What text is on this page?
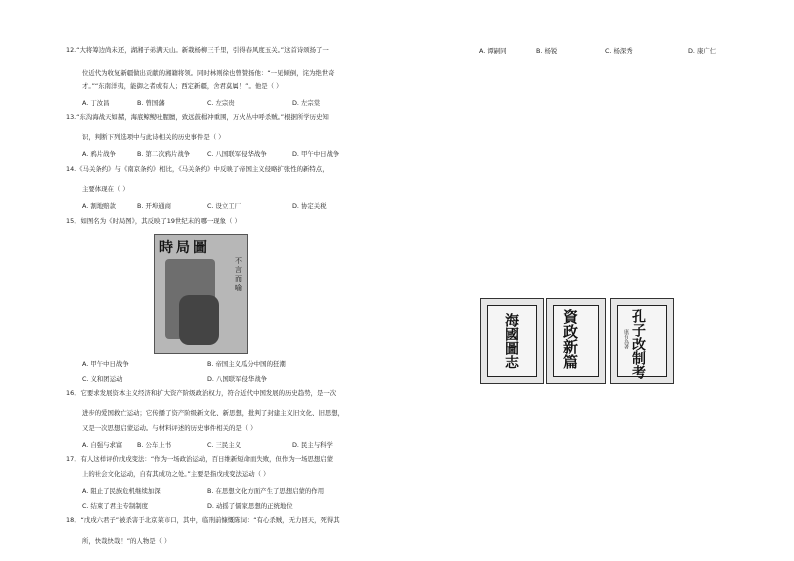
12.“大将筹边尚未还，湖湘子弟满天山。新栽杨柳三千里，引得春风度玉关。”这首诗颂扬了一
位近代为收复新疆做出贡献的湘籍将领。同时林则徐也曾赞扬他：“一见倾倒，诧为绝世奇
才。”“东南洋夷，能御之者或有人；西定新疆，舍君莫属！”。他是（ ）
A. 丁汝昌	B. 曾国藩	C. 左宗贵	D. 左宗棠
13.“东沟海战天如赭，海底鲸鲵吐腥膻，致远鼓楫冲重围，万火丛中呼杀贼。”根据所学历史知
识，判断下列选项中与此诗相关的历史事件是（ ）
A. 鸦片战争	B. 第二次鸦片战争	C. 八国联军侵华战争	D. 甲午中日战争
14.《马关条约》与《南京条约》相比，《马关条约》中反映了帝国主义侵略扩张性的新特点，
主要体现在（ ）
A. 割地赔款	B. 开埠通商	C. 设立工厂	D. 协定关税
15．如图名为《时局图》，其反映了19世纪末的哪一现象（ ）
時局圖
不言而喻
A. 甲午中日战争	B. 帝国主义瓜分中国的狂潮
C. 义和团运动	D. 八国联军侵华战争
16．它要求发展资本主义经济和扩大资产阶级政治权力，符合近代中国发展的历史趋势，是一次
进步的爱国救亡运动；它传播了资产阶级新文化、新思想，批判了封建主义旧文化、旧思想，
又是一次思想启蒙运动。与材料评述的历史事件相关的是（ ）
A. 自强与求富 B. 公车上书	C. 三民主义	D. 民主与科学
17．有人这样评价戊戌变法：“作为一场政治运动，百日维新短命而失败，但作为一场思想启蒙
上的社会文化运动，自有其成功之处。”主要是指戊戌变法运动（ ）
A. 阻止了民族危机继续加深	B. 在思想文化方面产生了思想启蒙的作用
C. 结束了君主专制制度	D. 动摇了儒家思想的正统地位
18．“戊戌六君子”被杀害于北京菜市口，其中，临刑前慷慨陈词：“有心杀贼，无力回天，死得其
所，快哉快哉！”的人物是（ ）
A. 谭嗣同	B. 杨锐	C. 杨深秀	D. 康广仁
海國圖志	資政新篇	孔子改制考
康有為著
